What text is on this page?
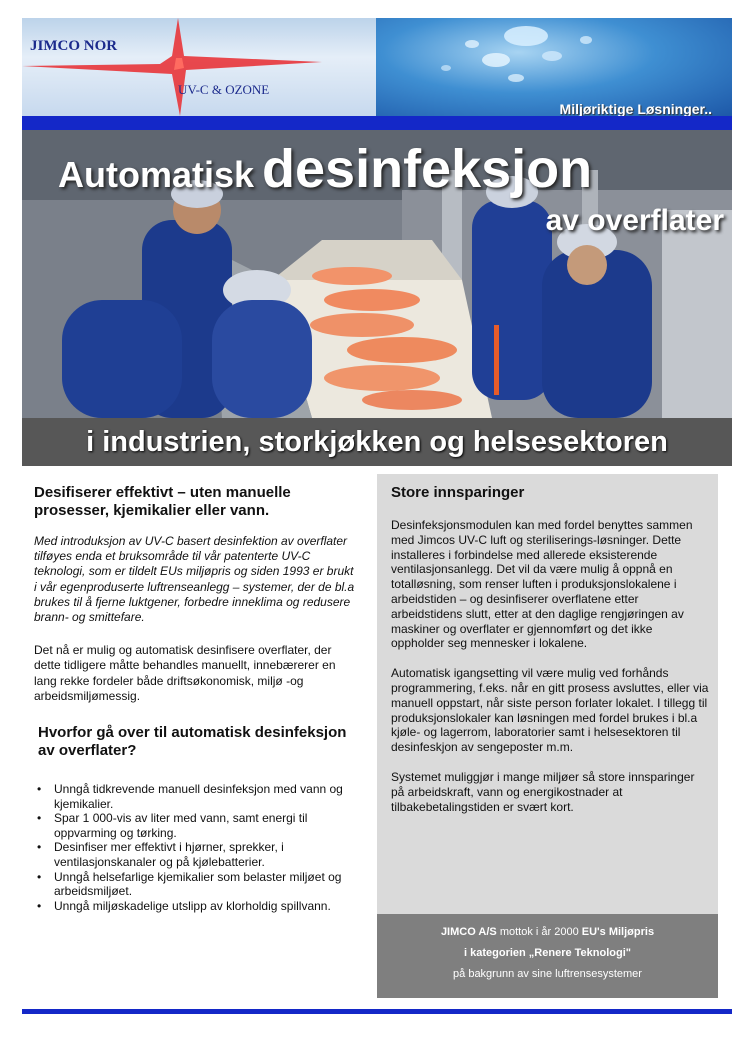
JIMCO NOR
UV-C & OZONE
Miljøriktige Løsninger..
Automatisk desinfeksjon
av overflater
i industrien, storkjøkken og helsesektoren
Desifiserer effektivt – uten manuelle prosesser, kjemikalier eller vann.
Med introduksjon av UV-C basert desinfektion av overflater tilføyes enda et bruksområde til vår patenterte UV-C teknologi, som er tildelt EUs miljøpris og siden 1993 er brukt i vår egenproduserte luftrenseanlegg – systemer, der de bl.a brukes til å fjerne luktgener, forbedre inneklima og redusere brann- og smittefare.
Det nå er mulig og automatisk desinfisere overflater, der dette tidligere måtte behandles manuellt, innebærerer en lang rekke fordeler både driftsøkonomisk, miljø -og arbeidsmiljømessig.
Hvorfor gå over til automatisk desinfeksjon av overflater?
• Unngå tidkrevende manuell desinfeksjon med vann og kjemikalier.
• Spar 1 000-vis av liter med vann, samt energi til oppvarming og tørking.
• Desinfiser mer effektivt i hjørner, sprekker, i ventilasjonskanaler og på kjølebatterier.
• Unngå helsefarlige kjemikalier som belaster miljøet og arbeidsmiljøet.
• Unngå miljøskadelige utslipp av klorholdig spillvann.
Store innsparinger

Desinfeksjonsmodulen kan med fordel benyttes sammen med Jimcos UV-C luft og steriliserings-løsninger. Dette installeres i forbindelse med allerede eksisterende ventilasjonsanlegg. Det vil da være mulig å oppnå en totalløsning, som renser luften i produksjonslokalene i arbeidstiden – og desinfiserer overflatene etter arbeidstidens slutt, etter at den daglige rengjøringen av maskiner og overflater er gjennomført og det ikke oppholder seg mennesker i lokalene.

Automatisk igangsetting vil være mulig ved forhånds programmering, f.eks. når en gitt prosess avsluttes, eller via manuell oppstart, når siste person forlater lokalet. I tillegg til produksjonslokaler kan løsningen med fordel brukes i bl.a kjøle- og lagerrom, laboratorier samt i helsesektoren til desinfeskjon av sengeposter m.m.

Systemet muliggjør i mange miljøer så store innsparinger på arbeidskraft, vann og energikostnader at tilbakebetalingstiden er svært kort.

JIMCO A/S mottok i år 2000 EU's Miljøpris
i kategorien „Renere Teknologi"
på bakgrunn av sine luftrensesystemer
